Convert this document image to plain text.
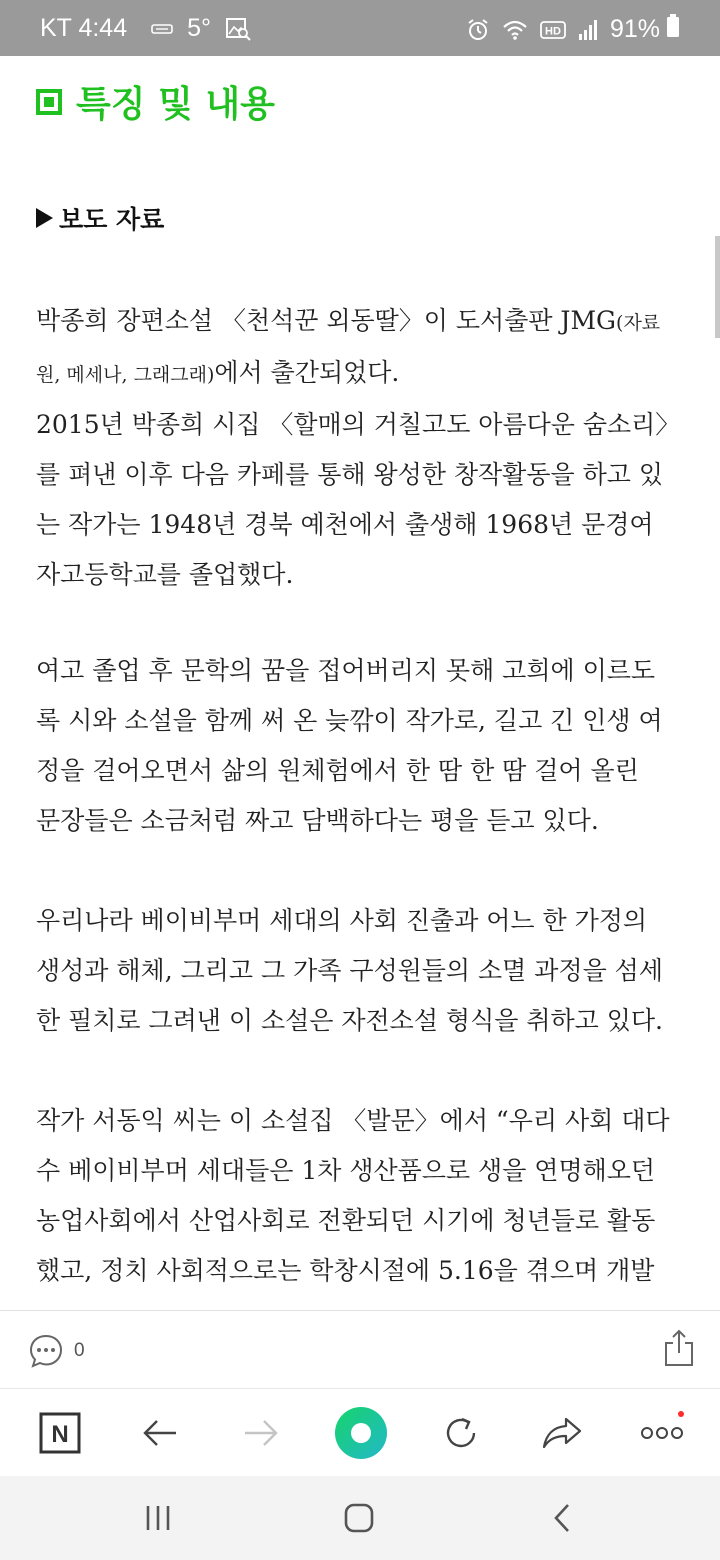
KT 4:44 5°	HD 91%
특징 및 내용
보도 자료

박종희 장편소설 〈천석꾼 외동딸〉이 도서출판 JMG(자료
원, 메세나, 그래그래)에서 출간되었다.
2015년 박종희 시집 〈할매의 거칠고도 아름다운 숨소리〉
를 펴낸 이후 다음 카페를 통해 왕성한 창작활동을 하고 있
는 작가는 1948년 경북 예천에서 출생해 1968년 문경여
자고등학교를 졸업했다.

여고 졸업 후 문학의 꿈을 접어버리지 못해 고희에 이르도
록 시와 소설을 함께 써 온 늦깎이 작가로, 길고 긴 인생 여
정을 걸어오면서 삶의 원체험에서 한 땀 한 땀 걸어 올린
문장들은 소금처럼 짜고 담백하다는 평을 듣고 있다.

우리나라 베이비부머 세대의 사회 진출과 어느 한 가정의
생성과 해체, 그리고 그 가족 구성원들의 소멸 과정을 섬세
한 필치로 그려낸 이 소설은 자전소설 형식을 취하고 있다.

작가 서동익 씨는 이 소설집 〈발문〉에서 “우리 사회 대다
수 베이비부머 세대들은 1차 생산품으로 생을 연명해오던
농업사회에서 산업사회로 전환되던 시기에 청년들로 활동
했고, 정치 사회적으로는 학창시절에 5.16을 겪으며 개발

0
N
